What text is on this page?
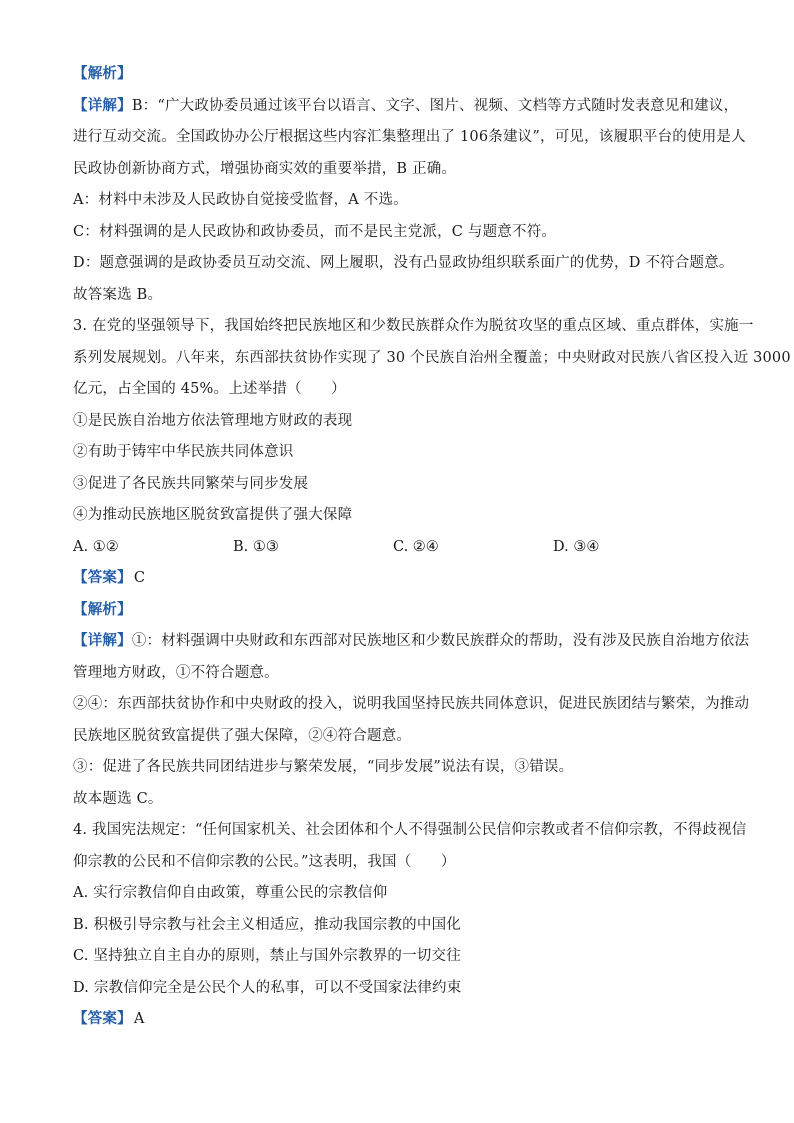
【解析】
【详解】B：“广大政协委员通过该平台以语言、文字、图片、视频、文档等方式随时发表意见和建议，
进行互动交流。全国政协办公厅根据这些内容汇集整理出了 106条建议”，可见，该履职平台的使用是人
民政协创新协商方式，增强协商实效的重要举措，B 正确。
A：材料中未涉及人民政协自觉接受监督，A 不选。
C：材料强调的是人民政协和政协委员，而不是民主党派，C 与题意不符。
D：题意强调的是政协委员互动交流、网上履职，没有凸显政协组织联系面广的优势，D 不符合题意。
故答案选 B。
3. 在党的坚强领导下，我国始终把民族地区和少数民族群众作为脱贫攻坚的重点区域、重点群体，实施一
系列发展规划。八年来，东西部扶贫协作实现了 30 个民族自治州全覆盖；中央财政对民族八省区投入近 3000
亿元，占全国的 45%。上述举措（　　）
①是民族自治地方依法管理地方财政的表现
②有助于铸牢中华民族共同体意识
③促进了各民族共同繁荣与同步发展
④为推动民族地区脱贫致富提供了强大保障
A. ①②	B. ①③	C. ②④	D. ③④
【答案】 C
【解析】
【详解】①：材料强调中央财政和东西部对民族地区和少数民族群众的帮助，没有涉及民族自治地方依法
管理地方财政，①不符合题意。
②④：东西部扶贫协作和中央财政的投入，说明我国坚持民族共同体意识，促进民族团结与繁荣，为推动
民族地区脱贫致富提供了强大保障，②④符合题意。
③：促进了各民族共同团结进步与繁荣发展，“同步发展”说法有误，③错误。
故本题选 C。
4. 我国宪法规定：“任何国家机关、社会团体和个人不得强制公民信仰宗教或者不信仰宗教，不得歧视信
仰宗教的公民和不信仰宗教的公民。”这表明，我国（　　）
A. 实行宗教信仰自由政策，尊重公民的宗教信仰
B. 积极引导宗教与社会主义相适应，推动我国宗教的中国化
C. 坚持独立自主自办的原则，禁止与国外宗教界的一切交往
D. 宗教信仰完全是公民个人的私事，可以不受国家法律约束
【答案】 A
